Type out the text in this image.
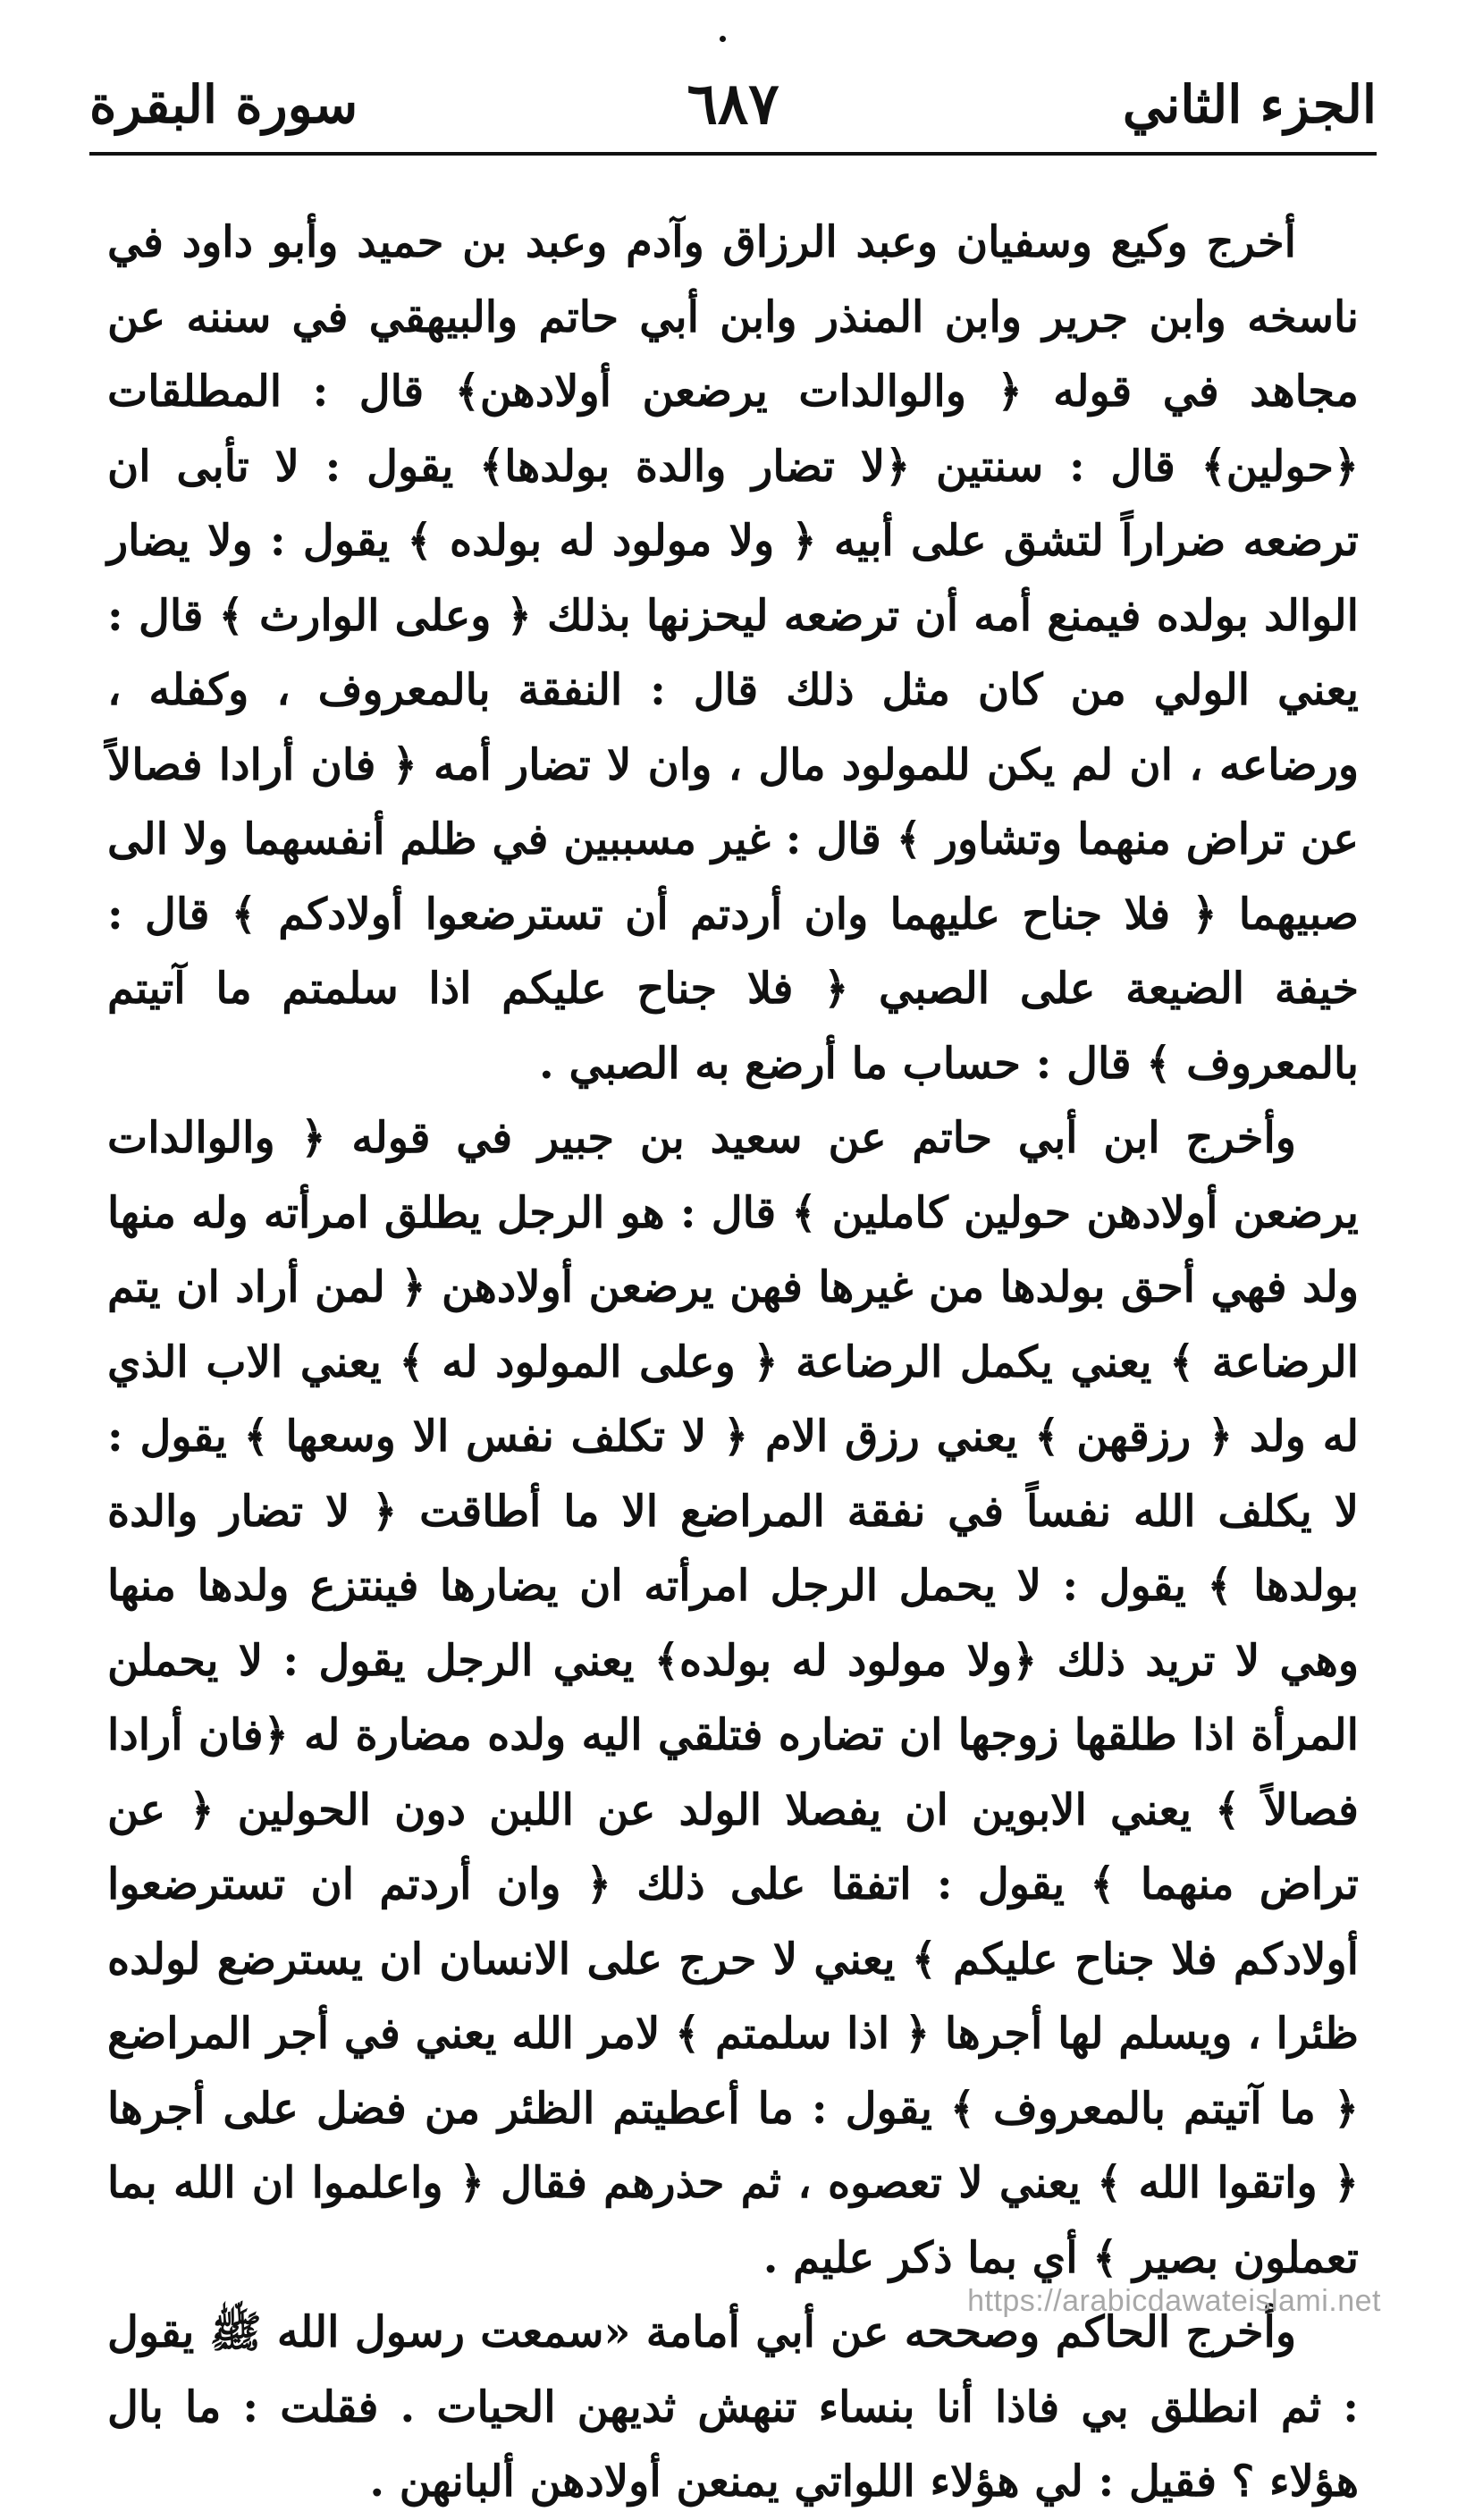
الجزء الثاني
٦٨٧
سورة البقرة

أخرج وكيع وسفيان وعبد الرزاق وآدم وعبد بن حميد وأبو داود في ناسخه وابن جرير وابن المنذر وابن أبي حاتم والبيهقي في سننه عن مجاهد في قوله ﴿ والوالدات يرضعن أولادهن﴾ قال : المطلقات ﴿حولين﴾ قال : سنتين ﴿لا تضار والدة بولدها﴾ يقول : لا تأبى ان ترضعه ضراراً لتشق على أبيه ﴿ ولا مولود له بولده ﴾ يقول : ولا يضار الوالد بولده فيمنع أمه أن ترضعه ليحزنها بذلك ﴿ وعلى الوارث ﴾ قال : يعني الولي من كان مثل ذلك قال : النفقة بالمعروف ، وكفله ، ورضاعه ، ان لم يكن للمولود مال ، وان لا تضار أمه ﴿ فان أرادا فصالاً عن تراض منهما وتشاور ﴾ قال : غير مسببين في ظلم أنفسهما ولا الى صبيهما ﴿ فلا جناح عليهما وان أردتم أن تسترضعوا أولادكم ﴾ قال : خيفة الضيعة على الصبي ﴿ فلا جناح عليكم اذا سلمتم ما آتيتم بالمعروف ﴾ قال : حساب ما أرضع به الصبي .

وأخرج ابن أبي حاتم عن سعيد بن جبير في قوله ﴿ والوالدات يرضعن أولادهن حولين كاملين ﴾ قال : هو الرجل يطلق امرأته وله منها ولد فهي أحق بولدها من غيرها فهن يرضعن أولادهن ﴿ لمن أراد ان يتم الرضاعة ﴾ يعني يكمل الرضاعة ﴿ وعلى المولود له ﴾ يعني الاب الذي له ولد ﴿ رزقهن ﴾ يعني رزق الام ﴿ لا تكلف نفس الا وسعها ﴾ يقول : لا يكلف الله نفساً في نفقة المراضع الا ما أطاقت ﴿ لا تضار والدة بولدها ﴾ يقول : لا يحمل الرجل امرأته ان يضارها فينتزع ولدها منها وهي لا تريد ذلك ﴿ولا مولود له بولده﴾ يعني الرجل يقول : لا يحملن المرأة اذا طلقها زوجها ان تضاره فتلقي اليه ولده مضارة له ﴿فان أرادا فصالاً ﴾ يعني الابوين ان يفصلا الولد عن اللبن دون الحولين ﴿ عن تراض منهما ﴾ يقول : اتفقا على ذلك ﴿ وان أردتم ان تسترضعوا أولادكم فلا جناح عليكم ﴾ يعني لا حرج على الانسان ان يسترضع لولده ظئرا ، ويسلم لها أجرها ﴿ اذا سلمتم ﴾ لامر الله يعني في أجر المراضع ﴿ ما آتيتم بالمعروف ﴾ يقول : ما أعطيتم الظئر من فضل على أجرها ﴿ واتقوا الله ﴾ يعني لا تعصوه ، ثم حذرهم فقال ﴿ واعلموا ان الله بما تعملون بصير ﴾ أي بما ذكر عليم .

وأخرج الحاكم وصححه عن أبي أمامة «سمعت رسول الله ﷺ يقول : ثم انطلق بي فاذا أنا بنساء تنهش ثديهن الحيات . فقلت : ما بال هؤلاء ؟ فقيل : لي هؤلاء اللواتي يمنعن أولادهن ألبانهن .

https://arabicdawateislami.net
